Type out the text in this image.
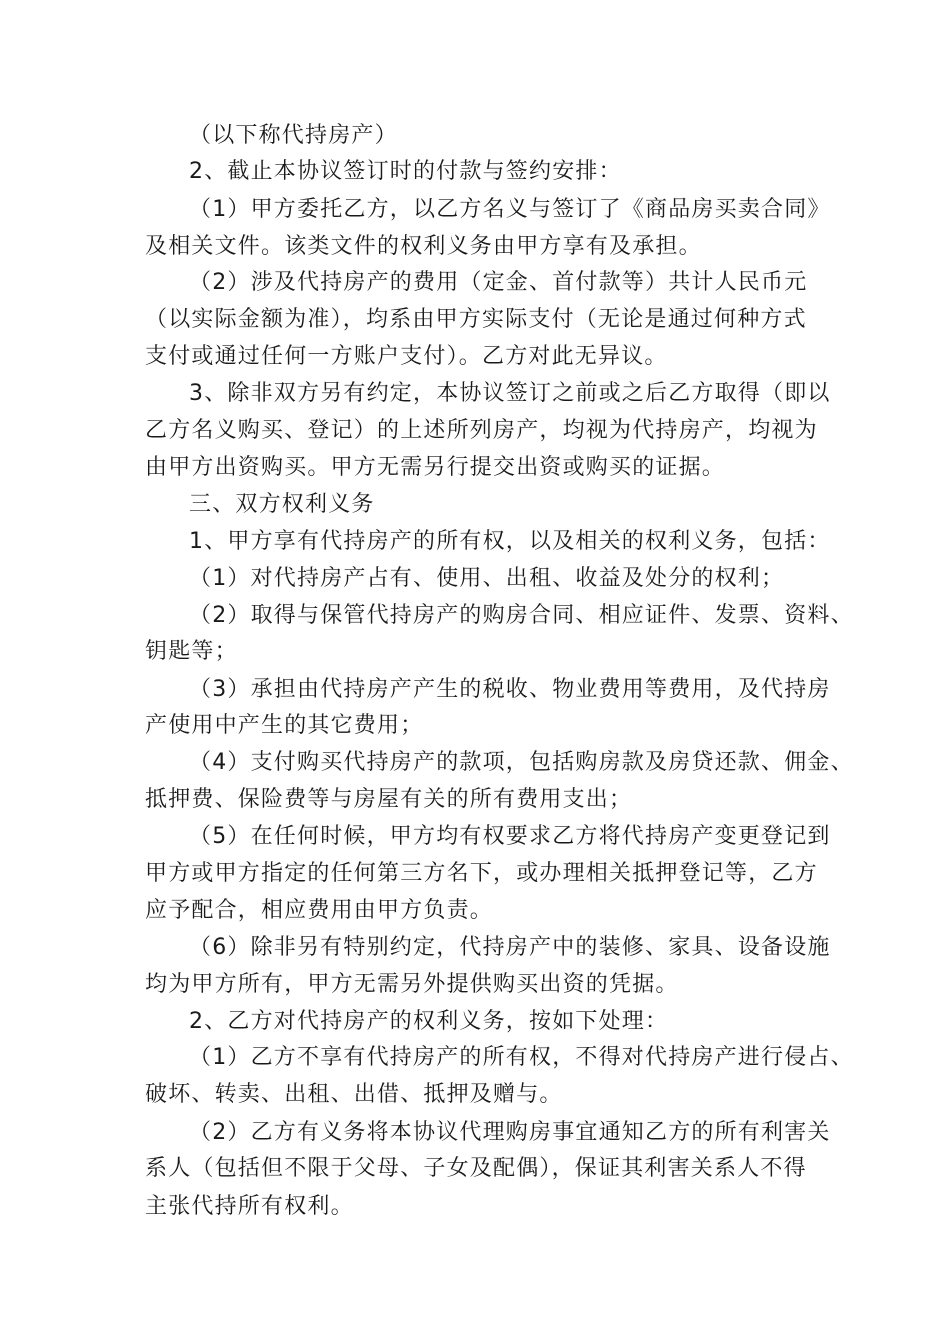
（以下称代持房产）
2、截止本协议签订时的付款与签约安排：
（1）甲方委托乙方，以乙方名义与签订了《商品房买卖合同》
及相关文件。该类文件的权利义务由甲方享有及承担。
（2）涉及代持房产的费用（定金、首付款等）共计人民币元
（以实际金额为准），均系由甲方实际支付（无论是通过何种方式
支付或通过任何一方账户支付）。乙方对此无异议。
3、除非双方另有约定，本协议签订之前或之后乙方取得（即以
乙方名义购买、登记）的上述所列房产，均视为代持房产，均视为
由甲方出资购买。甲方无需另行提交出资或购买的证据。
三、双方权利义务
1、甲方享有代持房产的所有权，以及相关的权利义务，包括：
（1）对代持房产占有、使用、出租、收益及处分的权利；
（2）取得与保管代持房产的购房合同、相应证件、发票、资料、
钥匙等；
（3）承担由代持房产产生的税收、物业费用等费用，及代持房
产使用中产生的其它费用；
（4）支付购买代持房产的款项，包括购房款及房贷还款、佣金、
抵押费、保险费等与房屋有关的所有费用支出；
（5）在任何时候，甲方均有权要求乙方将代持房产变更登记到
甲方或甲方指定的任何第三方名下，或办理相关抵押登记等，乙方
应予配合，相应费用由甲方负责。
（6）除非另有特别约定，代持房产中的装修、家具、设备设施
均为甲方所有，甲方无需另外提供购买出资的凭据。
2、乙方对代持房产的权利义务，按如下处理：
（1）乙方不享有代持房产的所有权，不得对代持房产进行侵占、
破坏、转卖、出租、出借、抵押及赠与。
（2）乙方有义务将本协议代理购房事宜通知乙方的所有利害关
系人（包括但不限于父母、子女及配偶），保证其利害关系人不得
主张代持所有权利。
